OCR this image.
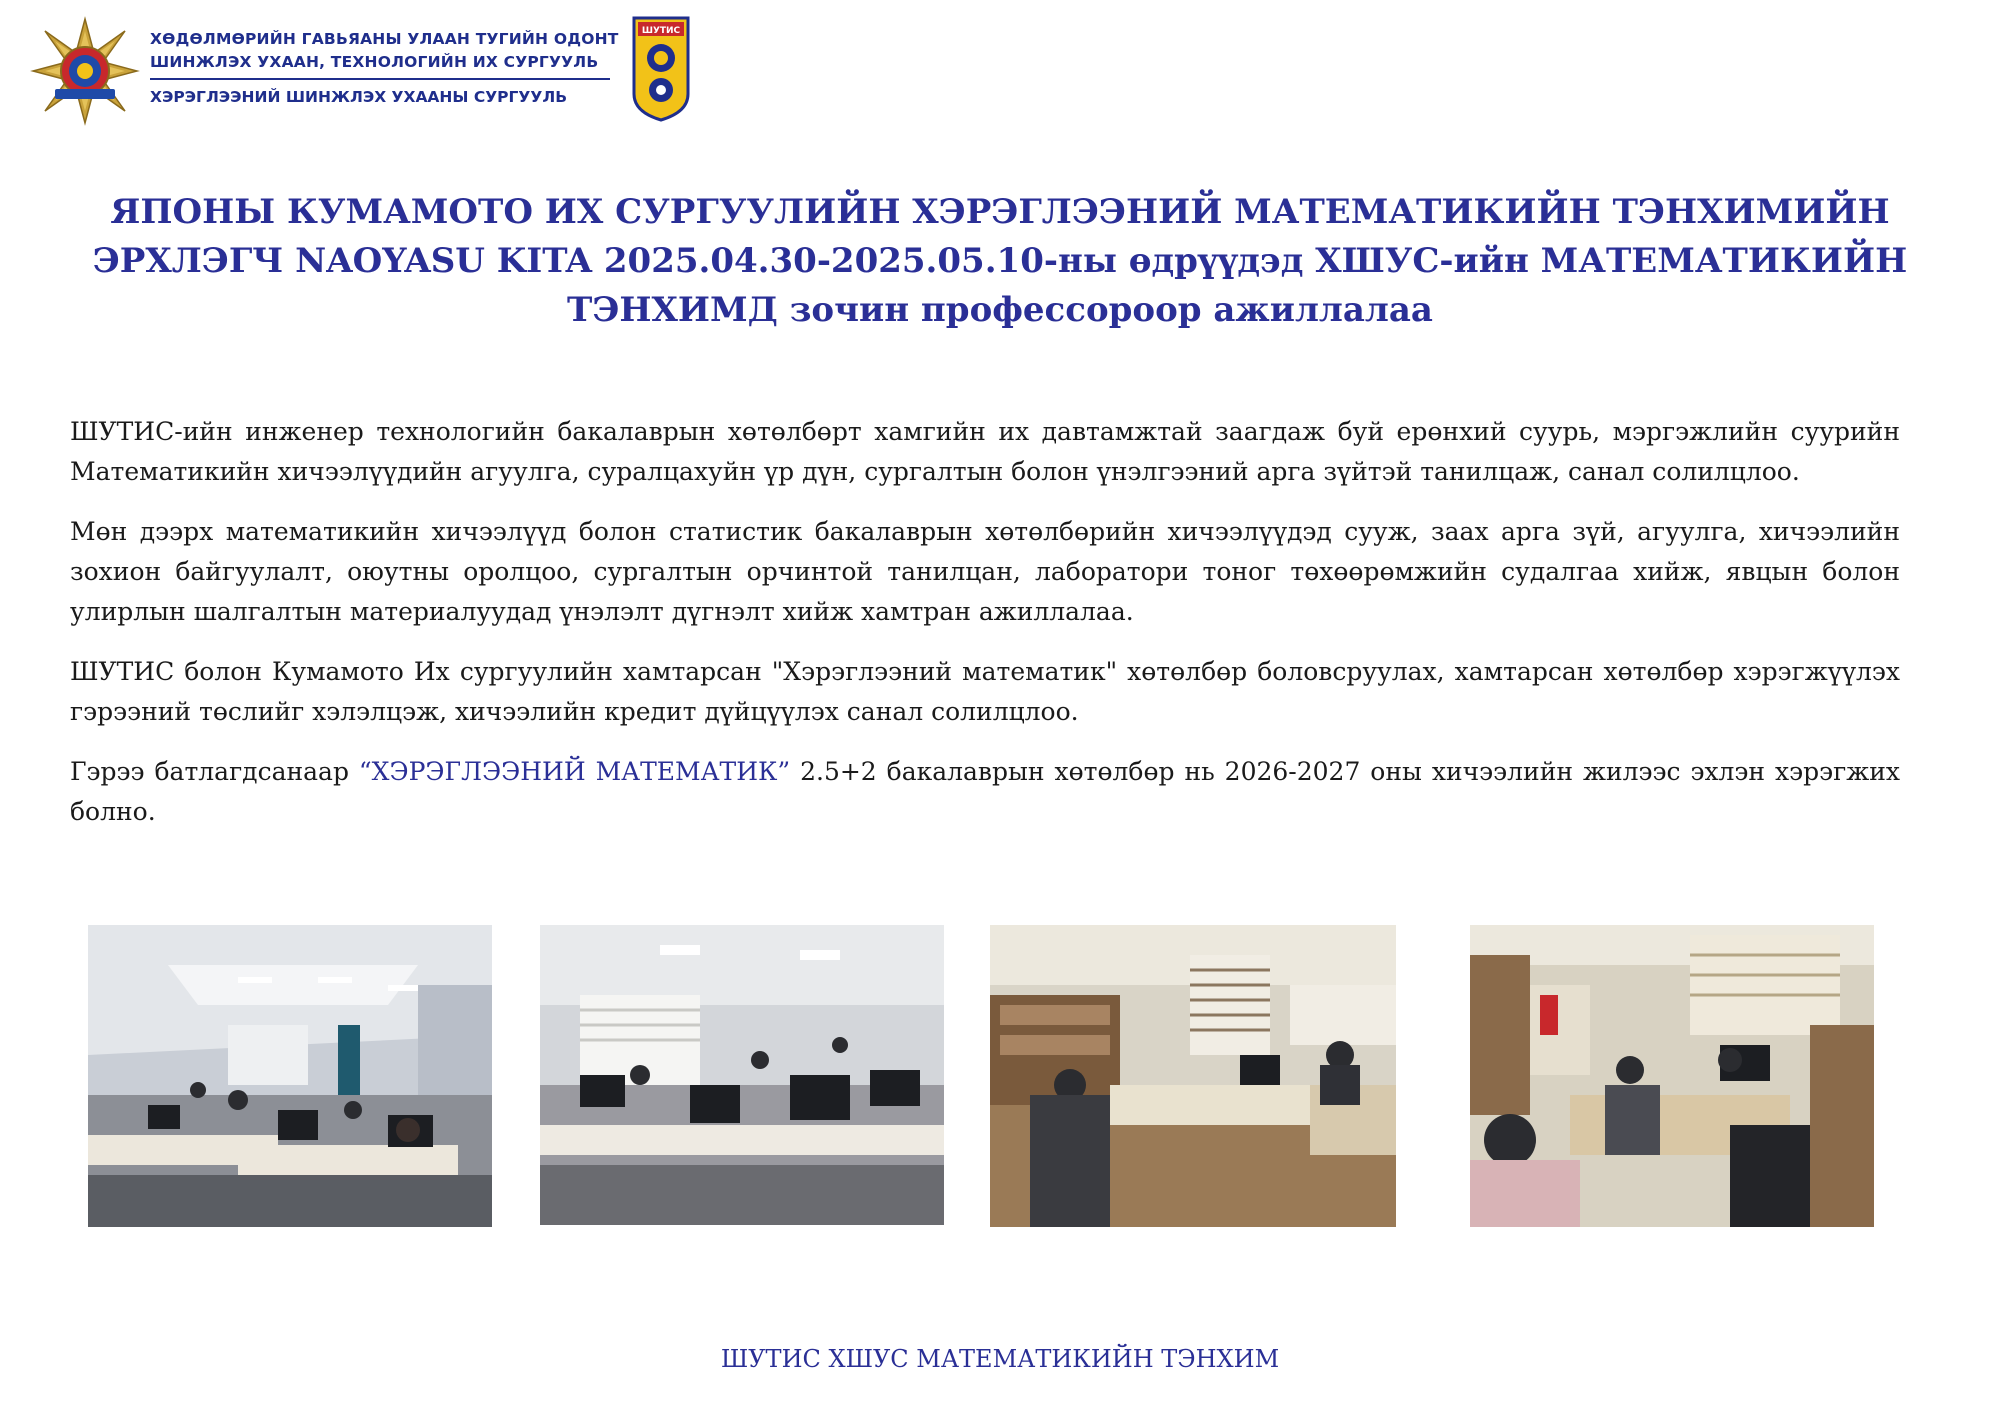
ХӨДӨЛМӨРИЙН ГАВЬЯАНЫ УЛААН ТУГИЙН ОДОНТ
ШИНЖЛЭХ УХААН, ТЕХНОЛОГИЙН ИХ СУРГУУЛЬ
ХЭРЭГЛЭЭНИЙ ШИНЖЛЭХ УХААНЫ СУРГУУЛЬ
ШУТИС
ЯПОНЫ КУМАМОТО ИХ СУРГУУЛИЙН ХЭРЭГЛЭЭНИЙ МАТЕМАТИКИЙН ТЭНХИМИЙН
ЭРХЛЭГЧ NAOYASU KITA 2025.04.30-2025.05.10-ны өдрүүдэд ХШУС-ийн МАТЕМАТИКИЙН
ТЭНХИМД зочин профессороор ажиллалаа
ШУТИС-ийн инженер технологийн бакалаврын хөтөлбөрт хамгийн их давтамжтай заагдаж буй ерөнхий суурь, мэргэжлийн суурийн
Математикийн хичээлүүдийн агуулга, суралцахуйн үр дүн, сургалтын болон үнэлгээний арга зүйтэй танилцаж, санал солилцлоо.
Мөн дээрх математикийн хичээлүүд болон статистик бакалаврын хөтөлбөрийн хичээлүүдэд сууж, заах арга зүй, агуулга, хичээлийн
зохион байгуулалт, оюутны оролцоо, сургалтын орчинтой танилцан, лаборатори тоног төхөөрөмжийн судалгаа хийж, явцын болон
улирлын шалгалтын материалуудад үнэлэлт дүгнэлт хийж хамтран ажиллалаа.
ШУТИС болон Кумамото Их сургуулийн хамтарсан "Хэрэглээний математик" хөтөлбөр боловсруулах, хамтарсан хөтөлбөр хэрэгжүүлэх
гэрээний төслийг хэлэлцэж, хичээлийн кредит дүйцүүлэх санал солилцлоо.
Гэрээ батлагдсанаар “ХЭРЭГЛЭЭНИЙ МАТЕМАТИК” 2.5+2 бакалаврын хөтөлбөр нь 2026-2027 оны хичээлийн жилээс эхлэн хэрэгжих
болно.
ШУТИС ХШУС МАТЕМАТИКИЙН ТЭНХИМ
